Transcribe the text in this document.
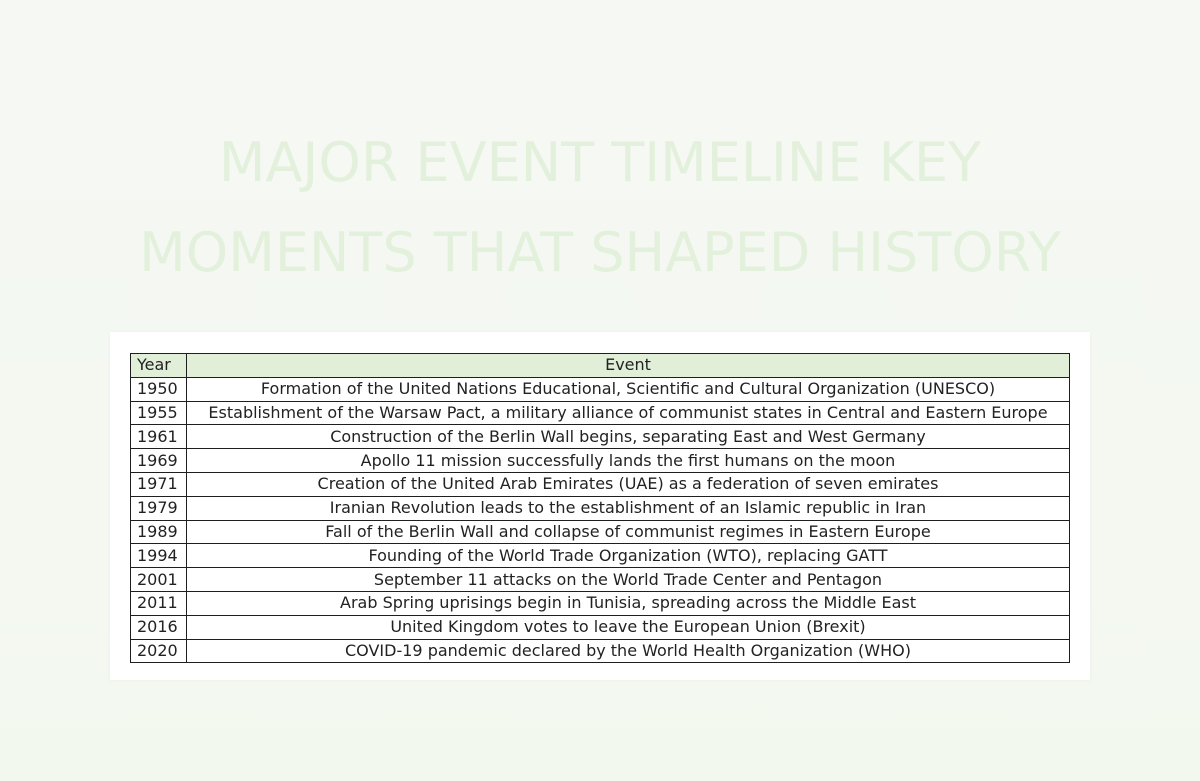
MAJOR EVENT TIMELINE KEY
MOMENTS THAT SHAPED HISTORY
Year	Event
1950	Formation of the United Nations Educational, Scientific and Cultural Organization (UNESCO)
1955	Establishment of the Warsaw Pact, a military alliance of communist states in Central and Eastern Europe
1961	Construction of the Berlin Wall begins, separating East and West Germany
1969	Apollo 11 mission successfully lands the first humans on the moon
1971	Creation of the United Arab Emirates (UAE) as a federation of seven emirates
1979	Iranian Revolution leads to the establishment of an Islamic republic in Iran
1989	Fall of the Berlin Wall and collapse of communist regimes in Eastern Europe
1994	Founding of the World Trade Organization (WTO), replacing GATT
2001	September 11 attacks on the World Trade Center and Pentagon
2011	Arab Spring uprisings begin in Tunisia, spreading across the Middle East
2016	United Kingdom votes to leave the European Union (Brexit)
2020	COVID-19 pandemic declared by the World Health Organization (WHO)
